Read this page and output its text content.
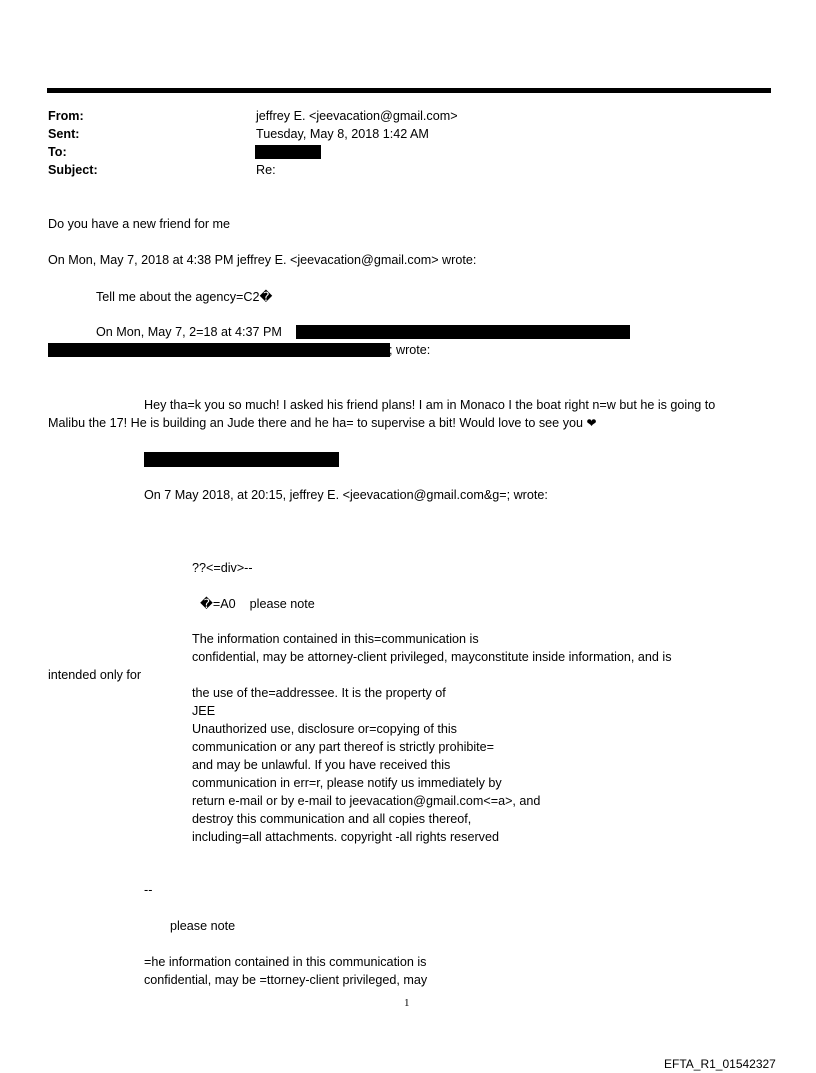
From:	jeffrey E. <jeevacation@gmail.com>
Sent:	Tuesday, May 8, 2018 1:42 AM
To:
Subject:	Re:
Do you have a new friend for me
On Mon, May 7, 2018 at 4:38 PM jeffrey E. <jeevacation@gmail.com> wrote:
Tell me about the agency=C2�
On Mon, May 7, 2=18 at 4:37 PM
; wrote:
Hey tha=k you so much! I asked his friend plans! I am in Monaco I the boat right n=w but he is going to
Malibu the 17! He is building an Jude there and he ha= to supervise a bit! Would love to see you ❤
On 7 May 2018, at 20:15, jeffrey E. <jeevacation@gmail.com&g=; wrote:
??<=div>--
�=A0    please note
The information contained in this=communication is
confidential, may be attorney-client privileged, mayconstitute inside information, and is
intended only for
the use of the=addressee. It is the property of
JEE
Unauthorized use, disclosure or=copying of this
communication or any part thereof is strictly prohibite=
and may be unlawful. If you have received this
communication in err=r, please notify us immediately by
return e-mail or by e-mail to jeevacation@gmail.com<=a>, and
destroy this communication and all copies thereof,
including=all attachments. copyright -all rights reserved
--
please note
=he information contained in this communication is
confidential, may be =ttorney-client privileged, may
1
EFTA_R1_01542327
